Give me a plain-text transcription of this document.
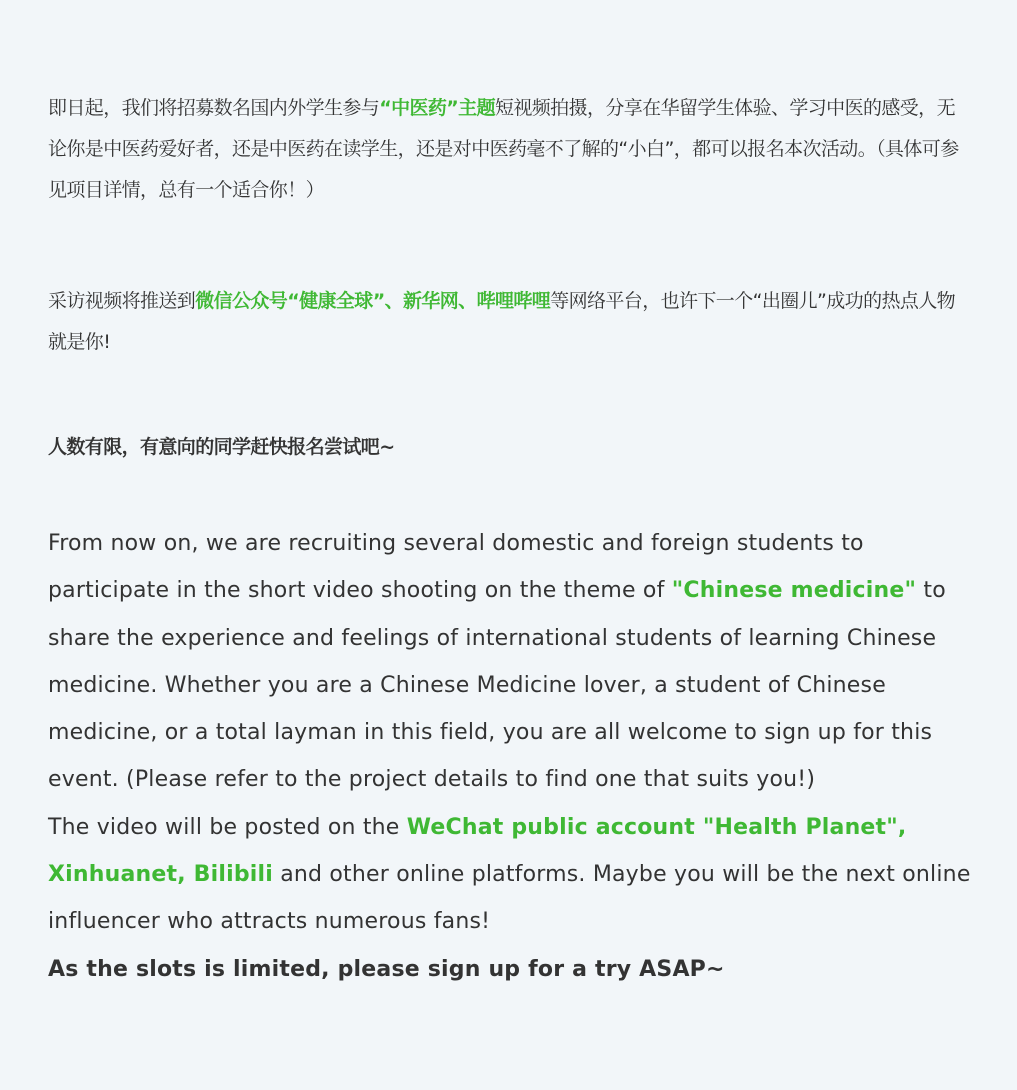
即日起，我们将招募数名国内外学生参与“中医药”主题短视频拍摄，分享在华留学生体验、学习中医的感受，无论你是中医药爱好者，还是中医药在读学生，还是对中医药毫不了解的“小白”，都可以报名本次活动。（具体可参见项目详情，总有一个适合你！）

采访视频将推送到微信公众号“健康全球”、新华网、哔哩哔哩等网络平台，也许下一个“出圈儿”成功的热点人物就是你!

人数有限，有意向的同学赶快报名尝试吧~

From now on, we are recruiting several domestic and foreign students to participate in the short video shooting on the theme of "Chinese medicine" to share the experience and feelings of international students of learning Chinese medicine. Whether you are a Chinese Medicine lover, a student of Chinese medicine, or a total layman in this field, you are all welcome to sign up for this event. (Please refer to the project details to find one that suits you!)
The video will be posted on the WeChat public account "Health Planet", Xinhuanet, Bilibili and other online platforms. Maybe you will be the next online influencer who attracts numerous fans!
As the slots is limited, please sign up for a try ASAP~
